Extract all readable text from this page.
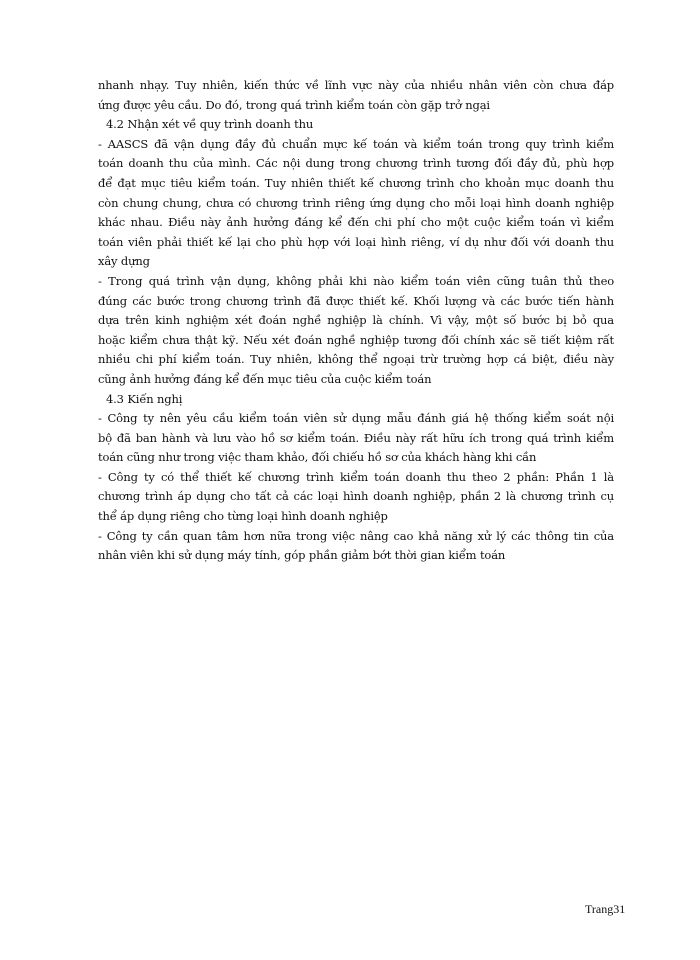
nhanh nhạy. Tuy nhiên, kiến thức về lĩnh vực này của nhiều nhân viên còn chưa đáp
ứng được yêu cầu. Do đó, trong quá trình kiểm toán còn gặp trở ngại
4.2 Nhận xét về quy trình doanh thu
- AASCS đã vận dụng đầy đủ chuẩn mực kế toán và kiểm toán trong quy trình kiểm
toán doanh thu của mình. Các nội dung trong chương trình tương đối đầy đủ, phù hợp
để đạt mục tiêu kiểm toán. Tuy nhiên thiết kế chương trình cho khoản mục doanh thu
còn chung chung, chưa có chương trình riêng ứng dụng cho mỗi loại hình doanh nghiệp
khác nhau. Điều này ảnh hưởng đáng kể đến chi phí cho một cuộc kiểm toán vì kiểm
toán viên phải thiết kế lại cho phù hợp với loại hình riêng, ví dụ như đối với doanh thu
xây dựng
- Trong quá trình vận dụng, không phải khi nào kiểm toán viên cũng tuân thủ theo
đúng các bước trong chương trình đã được thiết kế. Khối lượng và các bước tiến hành
dựa trên kinh nghiệm xét đoán nghề nghiệp là chính. Vì vậy, một số bước bị bỏ qua
hoặc kiểm chưa thật kỹ. Nếu xét đoán nghề nghiệp tương đối chính xác sẽ tiết kiệm rất
nhiều chi phí kiểm toán. Tuy nhiên, không thể ngoại trừ trường hợp cá biệt, điều này
cũng ảnh hưởng đáng kể đến mục tiêu của cuộc kiểm toán
4.3 Kiến nghị
- Công ty nên yêu cầu kiểm toán viên sử dụng mẫu đánh giá hệ thống kiểm soát nội
bộ đã ban hành và lưu vào hồ sơ kiểm toán. Điều này rất hữu ích trong quá trình kiểm
toán cũng như trong việc tham khảo, đối chiếu hồ sơ của khách hàng khi cần
- Công ty có thể thiết kế chương trình kiểm toán doanh thu theo 2 phần: Phần 1 là
chương trình áp dụng cho tất cả các loại hình doanh nghiệp, phần 2 là chương trình cụ
thể áp dụng riêng cho từng loại hình doanh nghiệp
- Công ty cần quan tâm hơn nữa trong việc nâng cao khả năng xử lý các thông tin của
nhân viên khi sử dụng máy tính, góp phần giảm bớt thời gian kiểm toán
Trang31
